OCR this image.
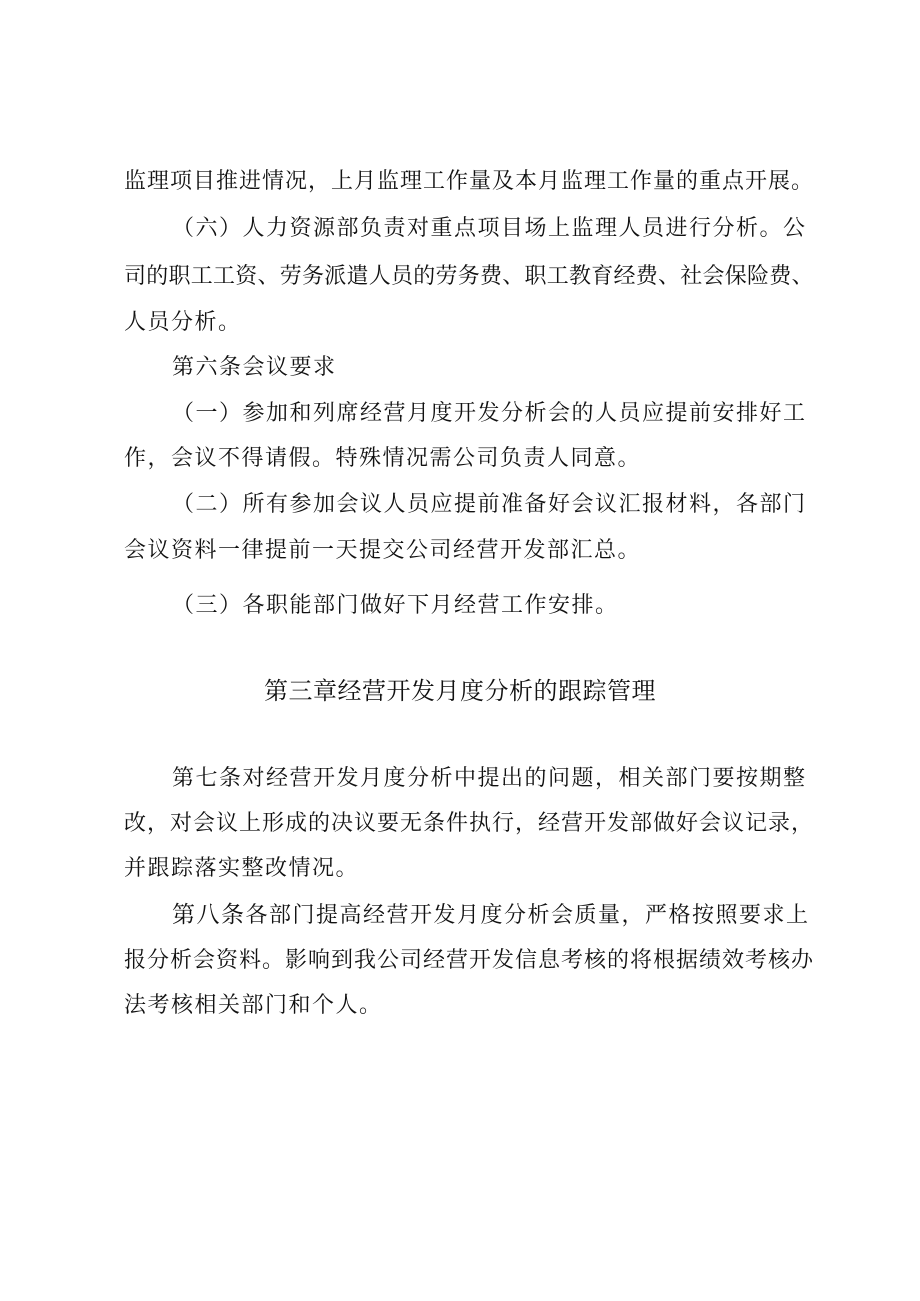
监理项目推进情况，上月监理工作量及本月监理工作量的重点开展。
（六）人力资源部负责对重点项目场上监理人员进行分析。公
司的职工工资、劳务派遣人员的劳务费、职工教育经费、社会保险费、
人员分析。
第六条会议要求
（一）参加和列席经营月度开发分析会的人员应提前安排好工
作，会议不得请假。特殊情况需公司负责人同意。
（二）所有参加会议人员应提前准备好会议汇报材料，各部门
会议资料一律提前一天提交公司经营开发部汇总。
（三）各职能部门做好下月经营工作安排。
第三章经营开发月度分析的跟踪管理
第七条对经营开发月度分析中提出的问题，相关部门要按期整
改，对会议上形成的决议要无条件执行，经营开发部做好会议记录，
并跟踪落实整改情况。
第八条各部门提高经营开发月度分析会质量，严格按照要求上
报分析会资料。影响到我公司经营开发信息考核的将根据绩效考核办
法考核相关部门和个人。
